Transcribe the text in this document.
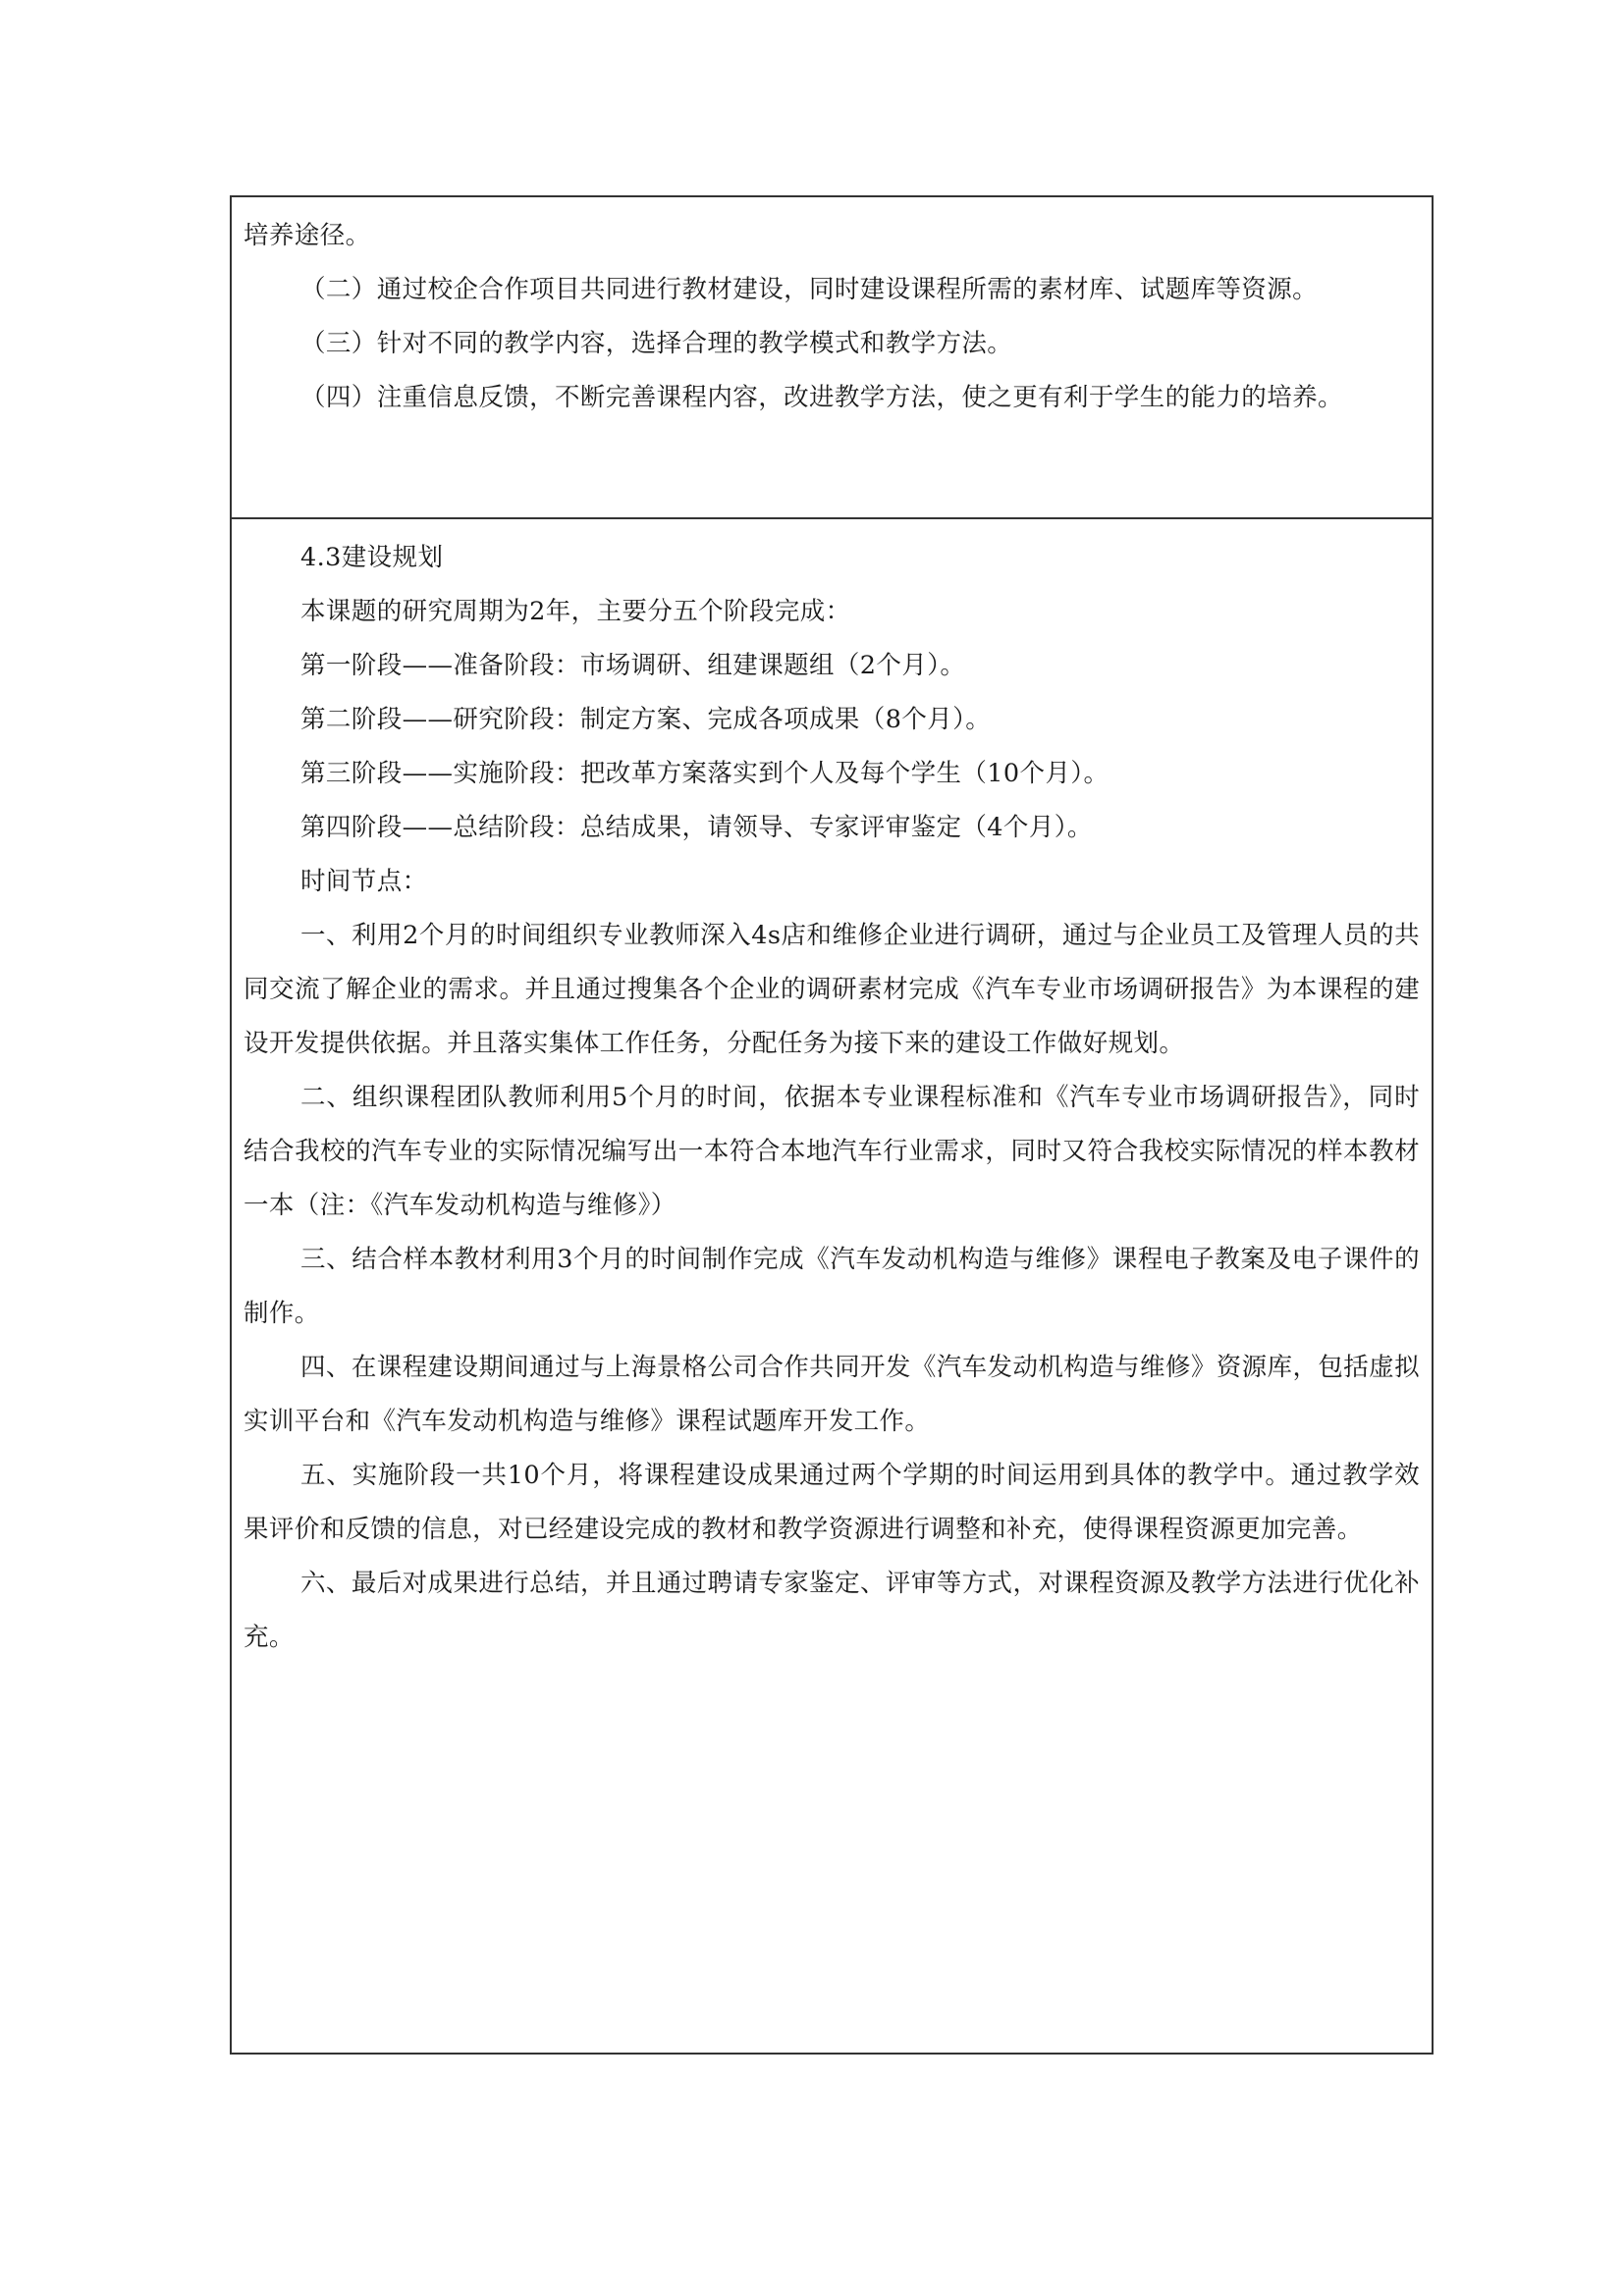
培养途径。

（二）通过校企合作项目共同进行教材建设，同时建设课程所需的素材库、试题库等资源。

（三）针对不同的教学内容，选择合理的教学模式和教学方法。

（四）注重信息反馈，不断完善课程内容，改进教学方法，使之更有利于学生的能力的培养。

4.3建设规划

本课题的研究周期为2年，主要分五个阶段完成：

第一阶段——准备阶段：市场调研、组建课题组（2个月）。

第二阶段——研究阶段：制定方案、完成各项成果（8个月）。

第三阶段——实施阶段：把改革方案落实到个人及每个学生（10个月）。

第四阶段——总结阶段：总结成果，请领导、专家评审鉴定（4个月）。

时间节点：

一、利用2个月的时间组织专业教师深入4s店和维修企业进行调研，通过与企业员工及管理人员的共同交流了解企业的需求。并且通过搜集各个企业的调研素材完成《汽车专业市场调研报告》为本课程的建设开发提供依据。并且落实集体工作任务，分配任务为接下来的建设工作做好规划。

二、组织课程团队教师利用5个月的时间，依据本专业课程标准和《汽车专业市场调研报告》，同时结合我校的汽车专业的实际情况编写出一本符合本地汽车行业需求，同时又符合我校实际情况的样本教材一本（注：《汽车发动机构造与维修》）

三、结合样本教材利用3个月的时间制作完成《汽车发动机构造与维修》课程电子教案及电子课件的制作。

四、在课程建设期间通过与上海景格公司合作共同开发《汽车发动机构造与维修》资源库，包括虚拟实训平台和《汽车发动机构造与维修》课程试题库开发工作。

五、实施阶段一共10个月，将课程建设成果通过两个学期的时间运用到具体的教学中。通过教学效果评价和反馈的信息，对已经建设完成的教材和教学资源进行调整和补充，使得课程资源更加完善。

六、最后对成果进行总结，并且通过聘请专家鉴定、评审等方式，对课程资源及教学方法进行优化补充。
